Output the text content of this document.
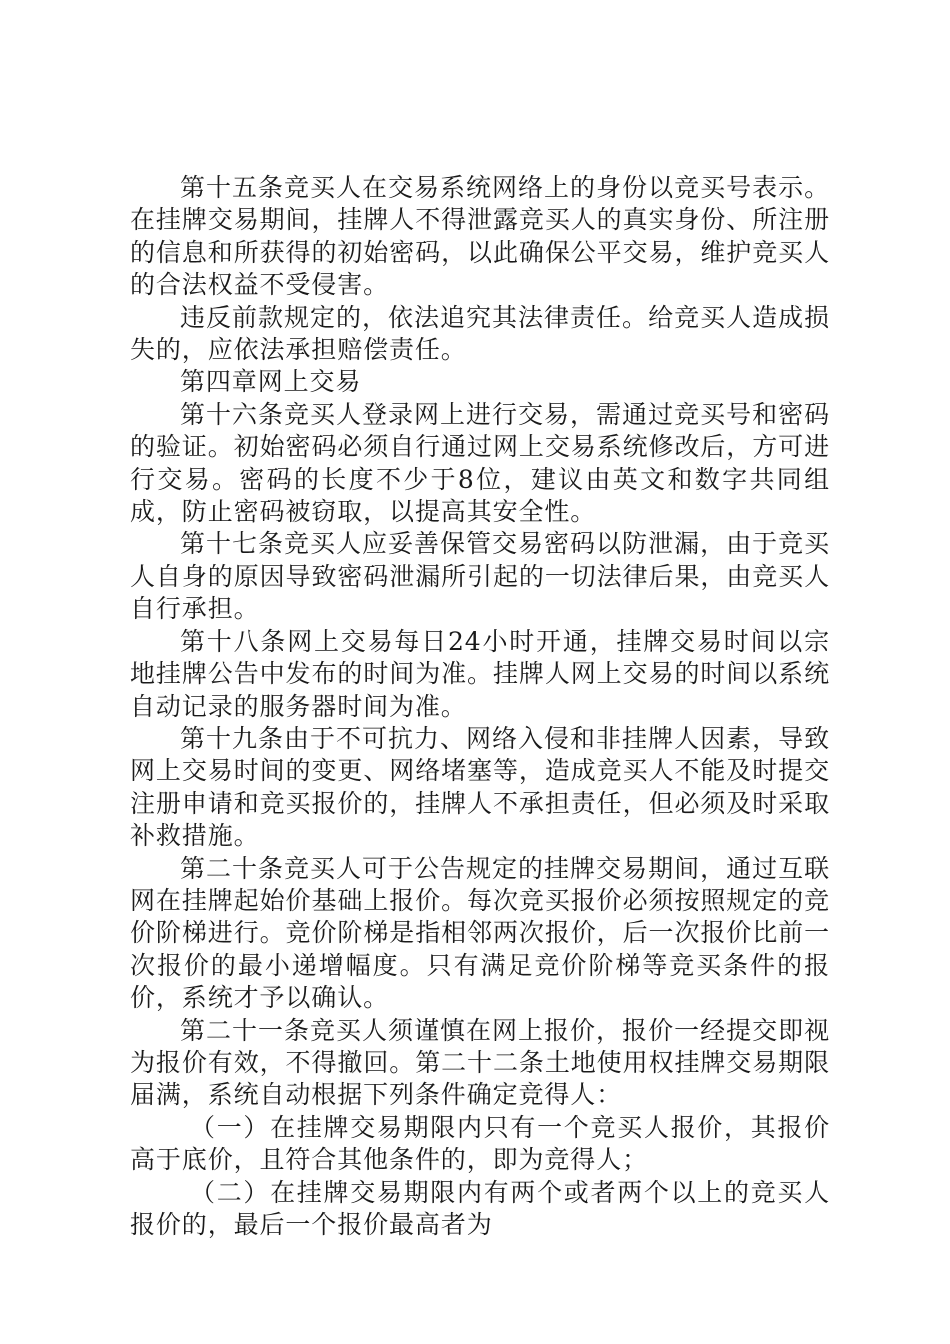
第十五条竞买人在交易系统网络上的身份以竞买号表示。在挂牌交易期间，挂牌人不得泄露竞买人的真实身份、所注册的信息和所获得的初始密码，以此确保公平交易，维护竞买人的合法权益不受侵害。

违反前款规定的，依法追究其法律责任。给竞买人造成损失的，应依法承担赔偿责任。

第四章网上交易

第十六条竞买人登录网上进行交易，需通过竞买号和密码的验证。初始密码必须自行通过网上交易系统修改后，方可进行交易。密码的长度不少于8位，建议由英文和数字共同组成，防止密码被窃取，以提高其安全性。

第十七条竞买人应妥善保管交易密码以防泄漏，由于竞买人自身的原因导致密码泄漏所引起的一切法律后果，由竞买人自行承担。

第十八条网上交易每日24小时开通，挂牌交易时间以宗地挂牌公告中发布的时间为准。挂牌人网上交易的时间以系统自动记录的服务器时间为准。

第十九条由于不可抗力、网络入侵和非挂牌人因素，导致网上交易时间的变更、网络堵塞等，造成竞买人不能及时提交注册申请和竞买报价的，挂牌人不承担责任，但必须及时采取补救措施。

第二十条竞买人可于公告规定的挂牌交易期间，通过互联网在挂牌起始价基础上报价。每次竞买报价必须按照规定的竞价阶梯进行。竞价阶梯是指相邻两次报价，后一次报价比前一次报价的最小递增幅度。只有满足竞价阶梯等竞买条件的报价，系统才予以确认。

第二十一条竞买人须谨慎在网上报价，报价一经提交即视为报价有效，不得撤回。第二十二条土地使用权挂牌交易期限届满，系统自动根据下列条件确定竞得人：

（一）在挂牌交易期限内只有一个竞买人报价，其报价高于底价，且符合其他条件的，即为竞得人；

（二）在挂牌交易期限内有两个或者两个以上的竞买人报价的，最后一个报价最高者为
